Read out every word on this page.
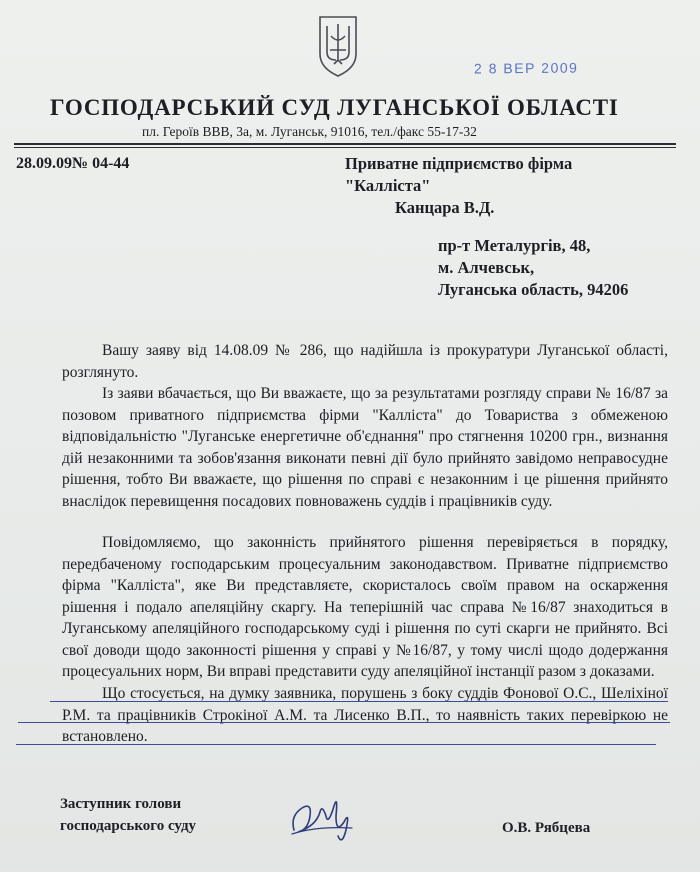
2 8 ВЕР 2009
ГОСПОДАРСЬКИЙ СУД ЛУГАНСЬКОЇ ОБЛАСТІ
пл. Героїв ВВВ, 3а, м. Луганськ, 91016, тел./факс 55-17-32
28.09.09№ 04-44	Приватне підприємство фірма
"Калліста"
Канцара В.Д.
пр-т Металургів, 48,
м. Алчевськ,
Луганська область, 94206

Вашу заяву від 14.08.09 № 286, що надійшла із прокуратури Луганської області, розглянуто.

Із заяви вбачається, що Ви вважаєте, що за результатами розгляду справи № 16/87 за позовом приватного підприємства фірми "Калліста" до Товариства з обмеженою відповідальністю "Луганське енергетичне об'єднання" про стягнення 10200 грн., визнання дій незаконними та зобов'язання виконати певні дії було прийнято завідомо неправосудне рішення, тобто Ви вважаєте, що рішення по справі є незаконним і це рішення прийнято внаслідок перевищення посадових повноважень суддів і працівників суду.

Повідомляємо, що законність прийнятого рішення перевіряється в порядку, передбаченому господарським процесуальним законодавством. Приватне підприємство фірма "Калліста", яке Ви представляєте, скористалось своїм правом на оскарження рішення і подало апеляційну скаргу. На теперішній час справа №16/87 знаходиться в Луганському апеляційного господарському суді і рішення по суті скарги не прийнято. Всі свої доводи щодо законності рішення у справі у №16/87, у тому числі щодо додержання процесуальних норм, Ви вправі представити суду апеляційної інстанції разом з доказами.

Що стосується, на думку заявника, порушень з боку суддів Фонової О.С., Шеліхіної Р.М. та працівників Строкіної А.М. та Лисенко В.П., то наявність таких перевіркою не встановлено.

Заступник голови
господарського суду	О.В. Рябцева
